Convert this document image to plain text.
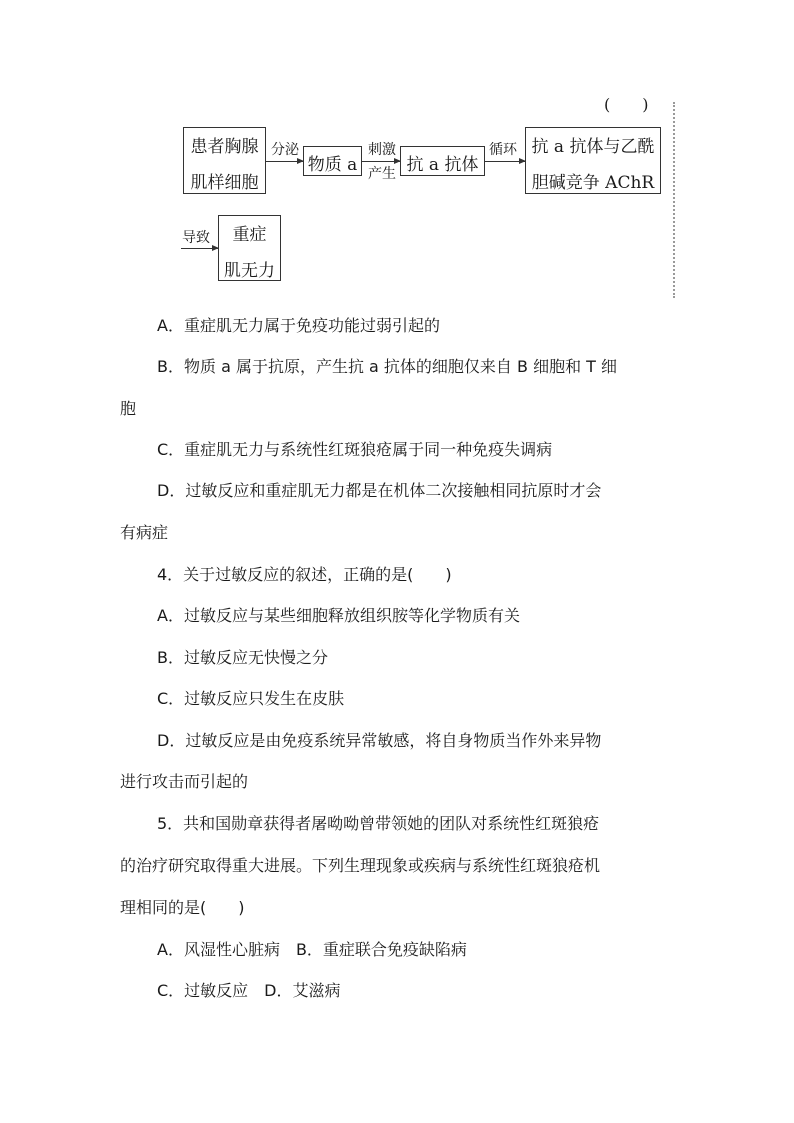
(　　)
患者胸腺
肌样细胞
分泌
物质 a
刺激
产生 抗 a 抗体
循环 抗 a 抗体与乙酰
胆碱竞争 AChR
导致	重症
肌无力
A．重症肌无力属于免疫功能过弱引起的
B．物质 a 属于抗原，产生抗 a 抗体的细胞仅来自 B 细胞和 T 细
胞
C．重症肌无力与系统性红斑狼疮属于同一种免疫失调病
D．过敏反应和重症肌无力都是在机体二次接触相同抗原时才会
有病症
4．关于过敏反应的叙述，正确的是(　　)
A．过敏反应与某些细胞释放组织胺等化学物质有关
B．过敏反应无快慢之分
C．过敏反应只发生在皮肤
D．过敏反应是由免疫系统异常敏感，将自身物质当作外来异物
进行攻击而引起的
5．共和国勋章获得者屠呦呦曾带领她的团队对系统性红斑狼疮
的治疗研究取得重大进展。下列生理现象或疾病与系统性红斑狼疮机
理相同的是(　　)
A．风湿性心脏病　B．重症联合免疫缺陷病
C．过敏反应　D．艾滋病
